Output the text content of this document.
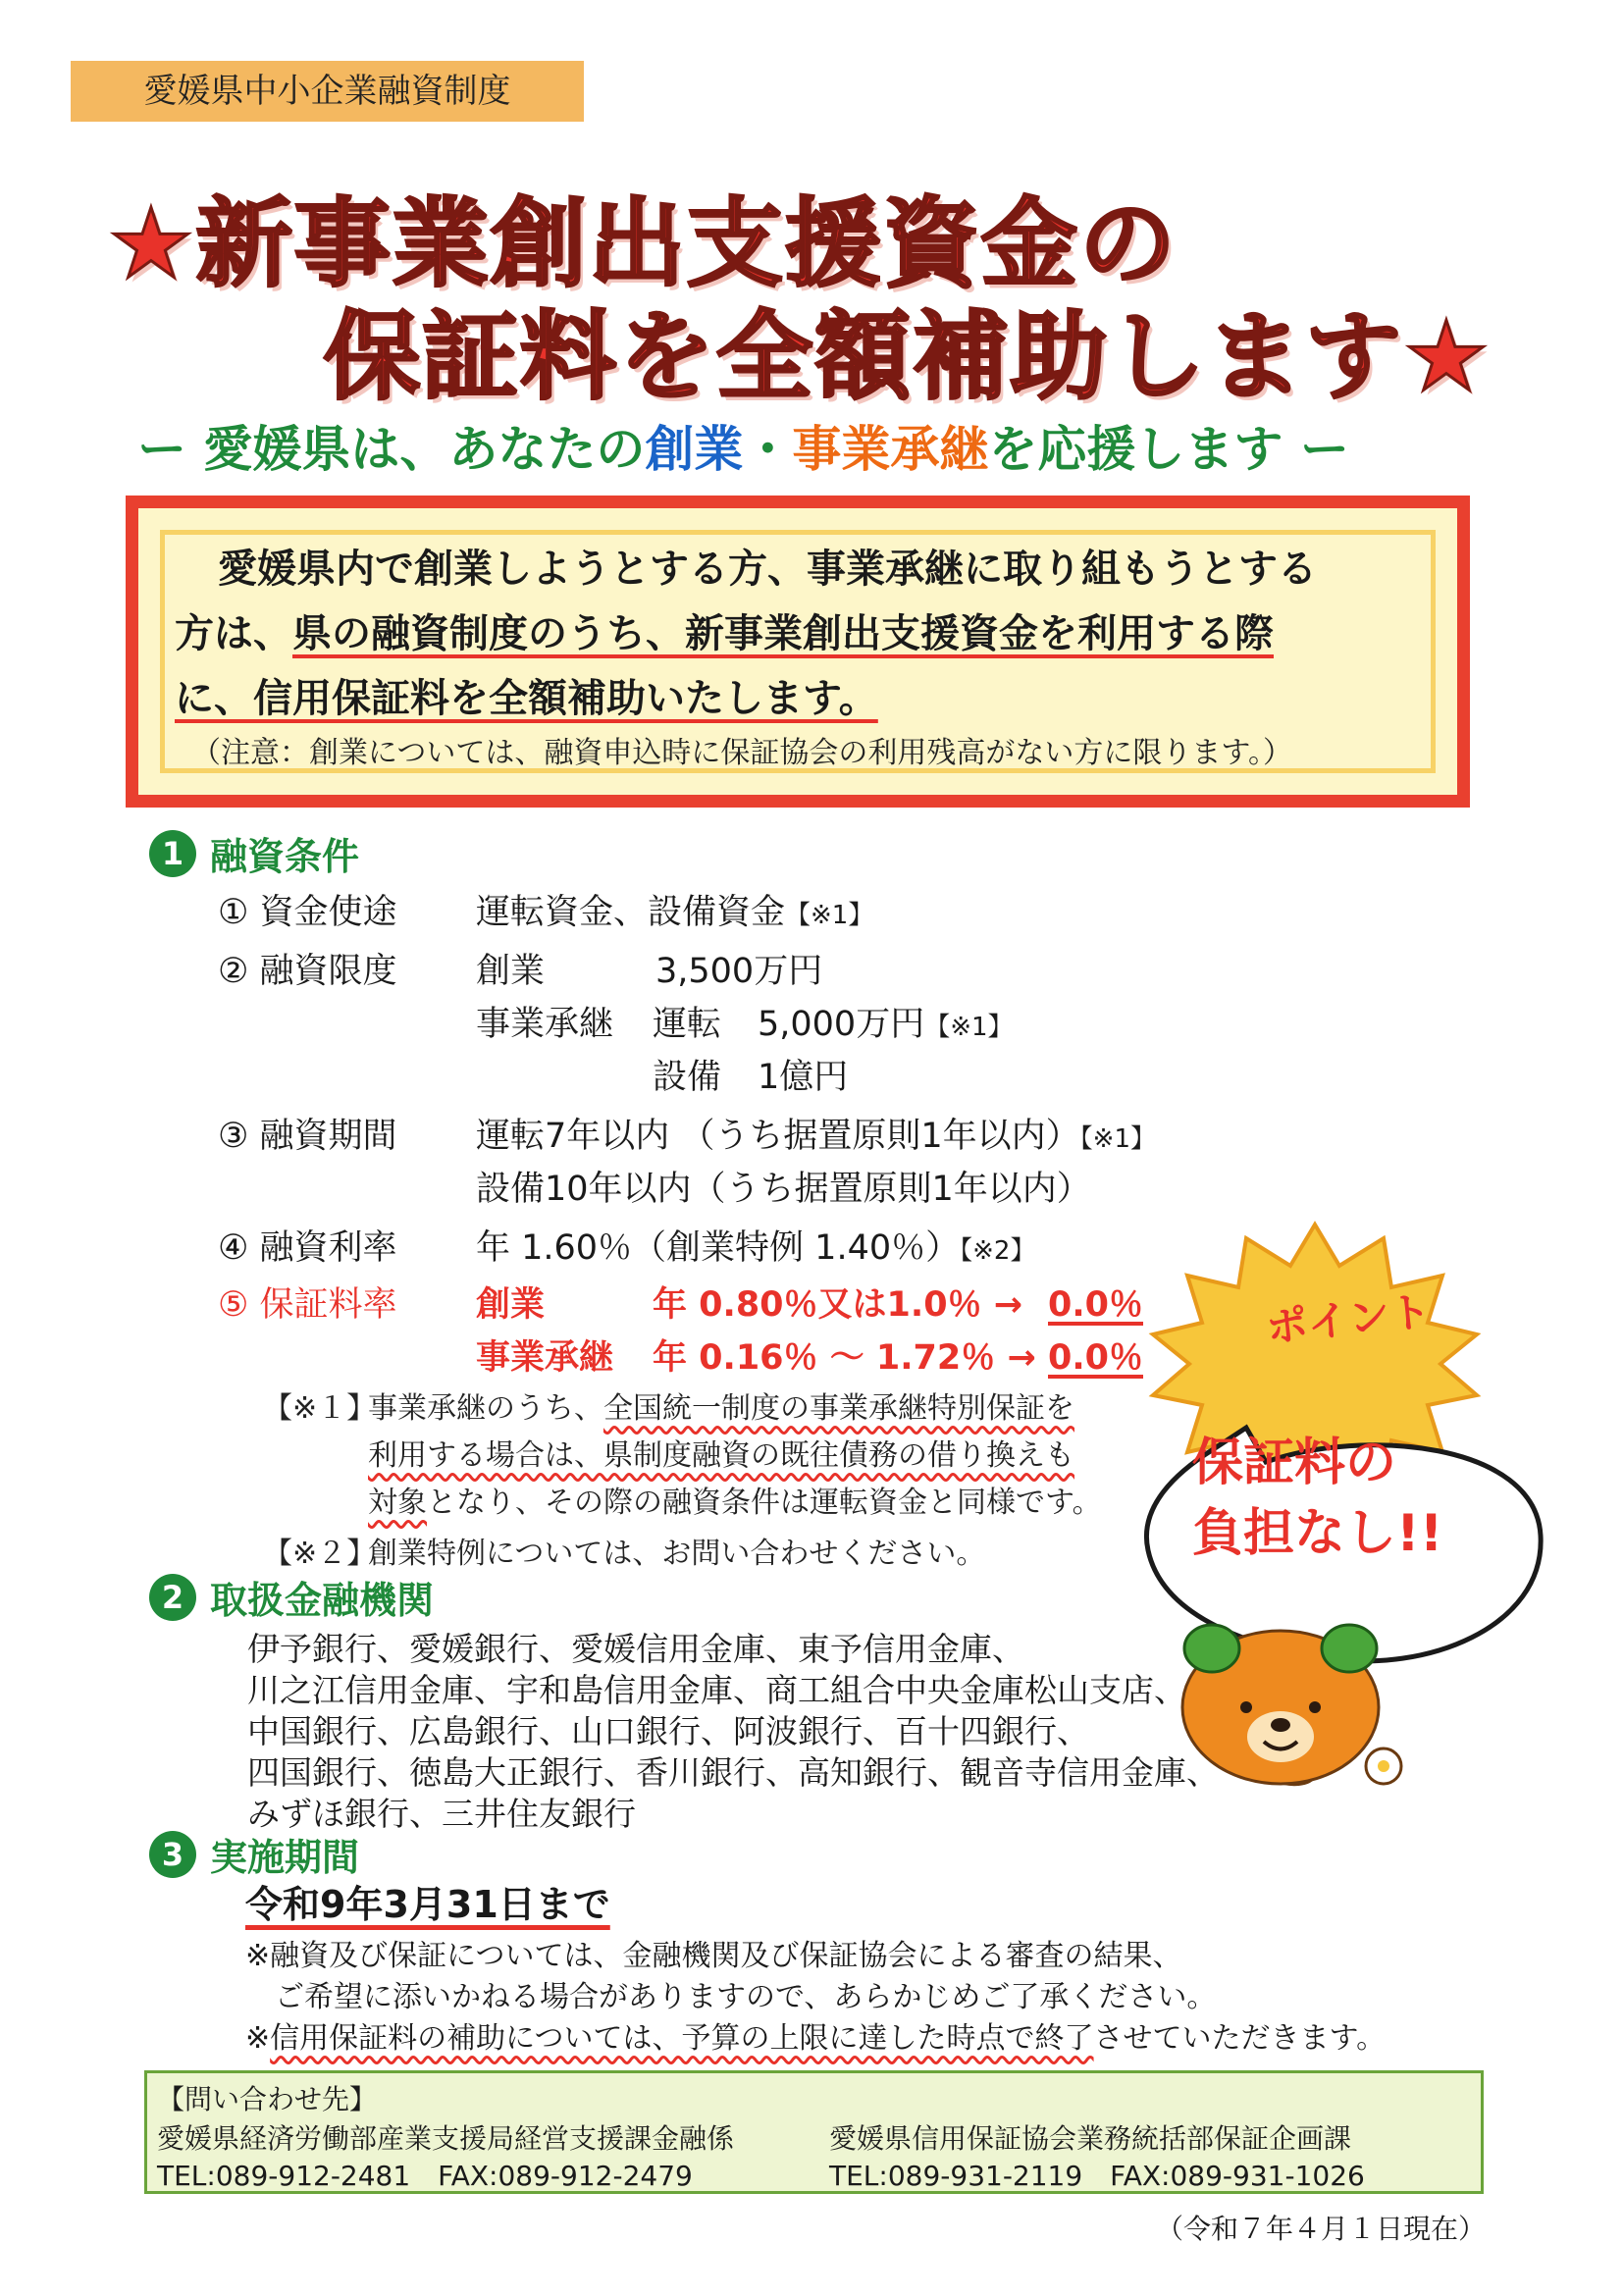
愛媛県中小企業融資制度
★新事業創出支援資金の
保証料を全額補助します★
ー 愛媛県は、あなたの創業・事業承継を応援します ー
愛媛県内で創業しようとする方、事業承継に取り組もうとする
方は、県の融資制度のうち、新事業創出支援資金を利用する際
に、信用保証料を全額補助いたします。
（注意：創業については、融資申込時に保証協会の利用残高がない方に限ります。）
1 融資条件
① 資金使途 運転資金、設備資金【※1】
② 融資限度 創業	3,500万円
事業承継 運転 5,000万円【※1】
設備 1億円
③ 融資期間 運転7年以内 （うち据置原則1年以内）【※1】
設備10年以内（うち据置原則1年以内）
④ 融資利率 年 1.60％（創業特例 1.40％）【※2】
⑤ 保証料率 創業	年 0.80％又は1.0％ → 0.0％
事業承継 年 0.16％ ～ 1.72％ → 0.0％
【※１】
事業承継のうち、全国統一制度の事業承継特別保証を
利用する場合は、県制度融資の既往債務の借り換えも
対象となり、その際の融資条件は運転資金と同様です。
【※２】
創業特例については、お問い合わせください。
ポイント
保証料の
負担なし!!
2 取扱金融機関
伊予銀行、愛媛銀行、愛媛信用金庫、東予信用金庫、
川之江信用金庫、宇和島信用金庫、商工組合中央金庫松山支店、
中国銀行、広島銀行、山口銀行、阿波銀行、百十四銀行、
四国銀行、徳島大正銀行、香川銀行、高知銀行、観音寺信用金庫、
みずほ銀行、三井住友銀行
3 実施期間
令和9年3月31日まで
※融資及び保証については、金融機関及び保証協会による審査の結果、
ご希望に添いかねる場合がありますので、あらかじめご了承ください。
※信用保証料の補助については、予算の上限に達した時点で終了させていただきます。
【問い合わせ先】
愛媛県経済労働部産業支援局経営支援課金融係
TEL:089-912-2481　FAX:089-912-2479
愛媛県信用保証協会業務統括部保証企画課
TEL:089-931-2119　FAX:089-931-1026
（令和７年４月１日現在）
